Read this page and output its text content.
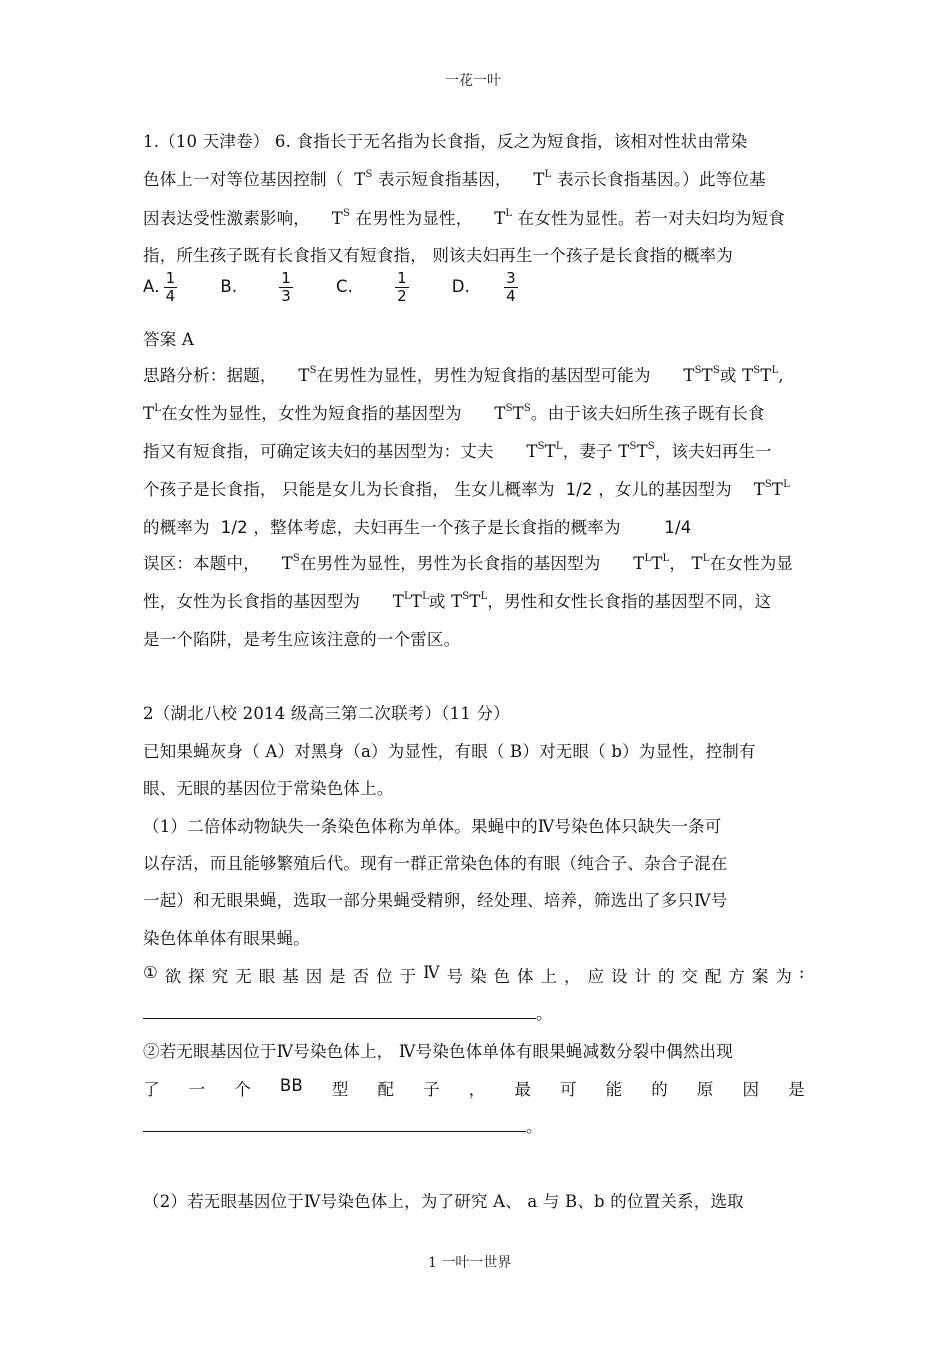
一花一叶
1.（10 天津卷） 6. 食指长于无名指为长食指，反之为短食指，该相对性状由常染
色体上一对等位基因控制（ $T^S$ 表示短食指基因， $T^L$ 表示长食指基因。）此等位基
因表达受性激素影响， $T^S$ 在男性为显性， $T^L$ 在女性为显性。若一对夫妇均为短食
指，所生孩子既有长食指又有短食指， 则该夫妇再生一个孩子是长食指的概率为
A. $\frac{1}{4}$	B.	$\frac{1}{3}$	C.	$\frac{1}{2}$	D. $\frac{3}{4}$
答案 A
思路分析：据题， $T^S$在男性为显性，男性为短食指的基因型可能为 $T^ST^S$或 $T^ST^L$,
$T^L$在女性为显性，女性为短食指的基因型为 $T^ST^S$。由于该夫妇所生孩子既有长食
指又有短食指，可确定该夫妇的基因型为：丈夫 $T^ST^L$，妻子 $T^ST^S$，该夫妇再生一
个孩子是长食指， 只能是女儿为长食指， 生女儿概率为 1/2 ，女儿的基因型为 $T^ST^L$
的概率为 1/2 ，整体考虑，夫妇再生一个孩子是长食指的概率为	1/4
误区：本题中， $T^S$在男性为显性，男性为长食指的基因型为 $T^LT^L$， $T^L$在女性为显
性，女性为长食指的基因型为 $T^LT^L$或 $T^ST^L$，男性和女性长食指的基因型不同，这
是一个陷阱，是考生应该注意的一个雷区。
2（湖北八校 2014 级高三第二次联考）（11 分）
已知果蝇灰身（ A）对黑身（a）为显性，有眼（ B）对无眼（ b）为显性，控制有
眼、无眼的基因位于常染色体上。
（1）二倍体动物缺失一条染色体称为单体。果蝇中的Ⅳ号染色体只缺失一条可
以存活，而且能够繁殖后代。现有一群正常染色体的有眼（纯合子、杂合子混在
一起）和无眼果蝇，选取一部分果蝇受精卵，经处理、培养，筛选出了多只Ⅳ号
染色体单体有眼果蝇。
① 欲 探 究 无 眼 基 因 是 否 位 于 Ⅳ 号 染 色 体 上 ， 应 设 计 的 交 配 方 案 为 :
。
②若无眼基因位于Ⅳ号染色体上， Ⅳ号染色体单体有眼果蝇减数分裂中偶然出现
了 一 个 BB 型 配 子 ， 最 可 能 的 原 因 是
。
（2）若无眼基因位于Ⅳ号染色体上，为了研究 A、 a 与 B、b 的位置关系，选取
1 一叶一世界
